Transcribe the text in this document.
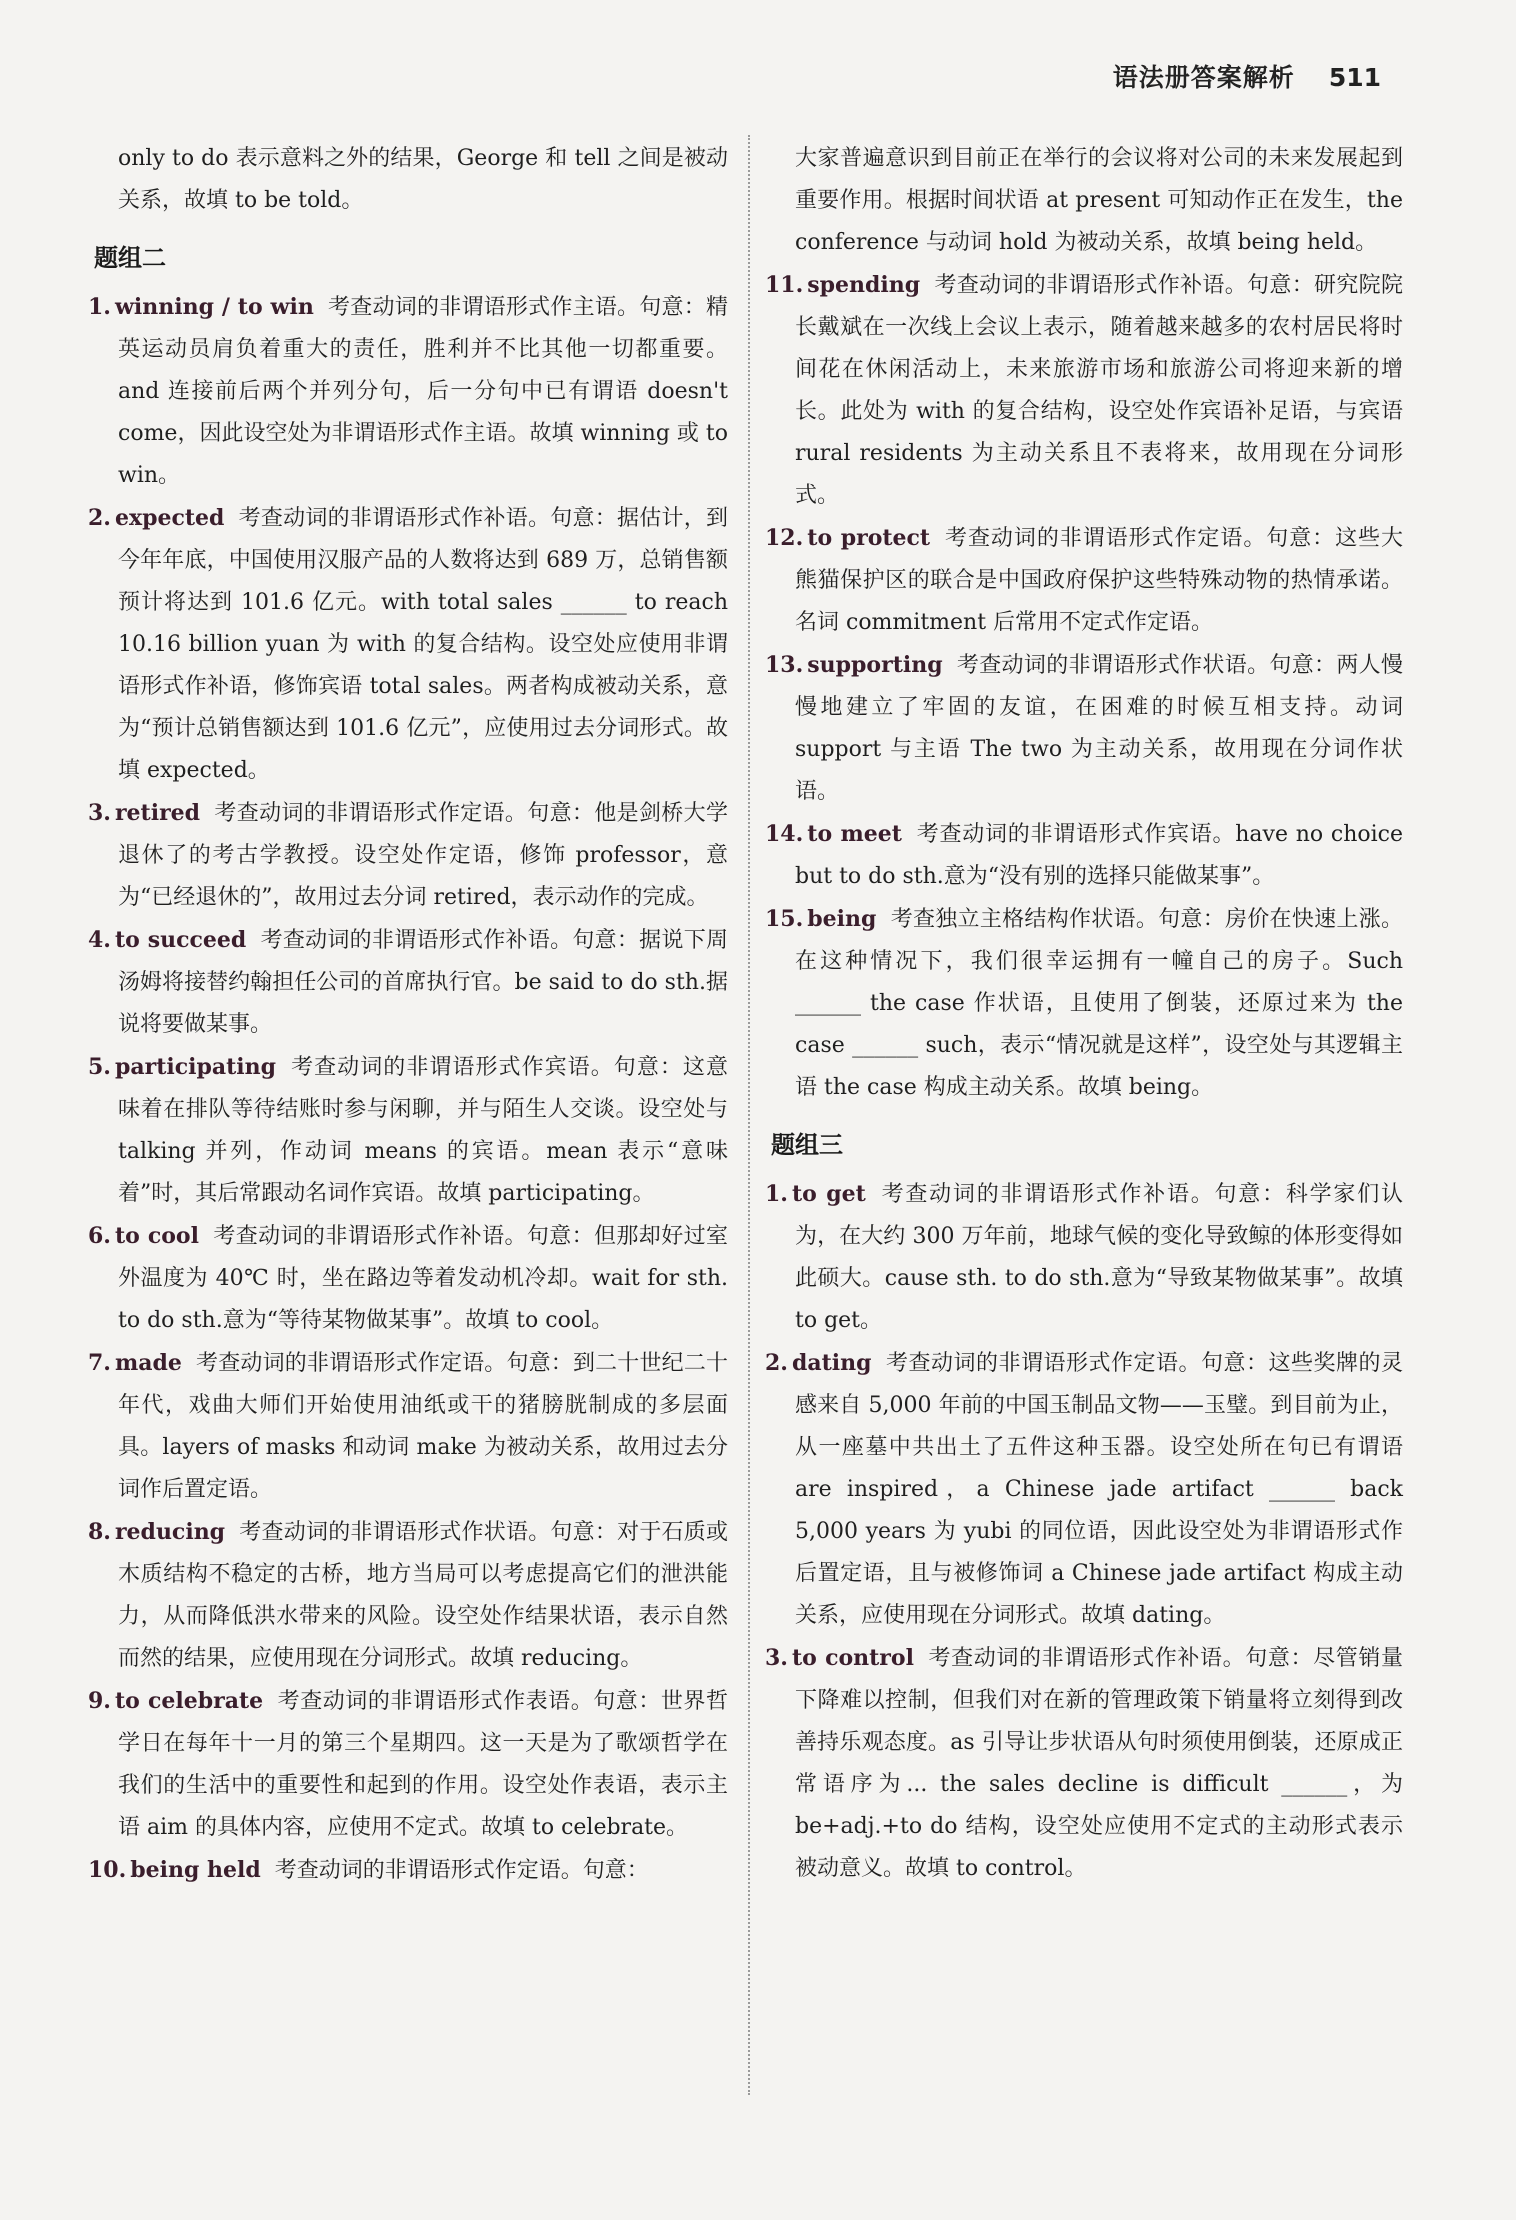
语法册答案解析 511

only to do 表示意料之外的结果，George 和 tell 之间是被动关系，故填 to be told。

题组二
1. winning / to win 考查动词的非谓语形式作主语。句意：精英运动员肩负着重大的责任，胜利并不比其他一切都重要。and 连接前后两个并列分句，后一分句中已有谓语 doesn't come，因此设空处为非谓语形式作主语。故填 winning 或 to win。
2. expected 考查动词的非谓语形式作补语。句意：据估计，到今年年底，中国使用汉服产品的人数将达到 689 万，总销售额预计将达到 101.6 亿元。with total sales ______ to reach 10.16 billion yuan 为 with 的复合结构。设空处应使用非谓语形式作补语，修饰宾语 total sales。两者构成被动关系，意为“预计总销售额达到 101.6 亿元”，应使用过去分词形式。故填 expected。
3. retired 考查动词的非谓语形式作定语。句意：他是剑桥大学退休了的考古学教授。设空处作定语，修饰 professor，意为“已经退休的”，故用过去分词 retired，表示动作的完成。
4. to succeed 考查动词的非谓语形式作补语。句意：据说下周汤姆将接替约翰担任公司的首席执行官。be said to do sth.据说将要做某事。
5. participating 考查动词的非谓语形式作宾语。句意：这意味着在排队等待结账时参与闲聊，并与陌生人交谈。设空处与 talking 并列，作动词 means 的宾语。mean 表示“意味着”时，其后常跟动名词作宾语。故填 participating。
6. to cool 考查动词的非谓语形式作补语。句意：但那却好过室外温度为 40℃ 时，坐在路边等着发动机冷却。wait for sth. to do sth.意为“等待某物做某事”。故填 to cool。
7. made 考查动词的非谓语形式作定语。句意：到二十世纪二十年代，戏曲大师们开始使用油纸或干的猪膀胱制成的多层面具。layers of masks 和动词 make 为被动关系，故用过去分词作后置定语。
8. reducing 考查动词的非谓语形式作状语。句意：对于石质或木质结构不稳定的古桥，地方当局可以考虑提高它们的泄洪能力，从而降低洪水带来的风险。设空处作结果状语，表示自然而然的结果，应使用现在分词形式。故填 reducing。
9. to celebrate 考查动词的非谓语形式作表语。句意：世界哲学日在每年十一月的第三个星期四。这一天是为了歌颂哲学在我们的生活中的重要性和起到的作用。设空处作表语，表示主语 aim 的具体内容，应使用不定式。故填 to celebrate。
10. being held 考查动词的非谓语形式作定语。句意：

大家普遍意识到目前正在举行的会议将对公司的未来发展起到重要作用。根据时间状语 at present 可知动作正在发生，the conference 与动词 hold 为被动关系，故填 being held。

11. spending 考查动词的非谓语形式作补语。句意：研究院院长戴斌在一次线上会议上表示，随着越来越多的农村居民将时间花在休闲活动上，未来旅游市场和旅游公司将迎来新的增长。此处为 with 的复合结构，设空处作宾语补足语，与宾语 rural residents 为主动关系且不表将来，故用现在分词形式。
12. to protect 考查动词的非谓语形式作定语。句意：这些大熊猫保护区的联合是中国政府保护这些特殊动物的热情承诺。名词 commitment 后常用不定式作定语。
13. supporting 考查动词的非谓语形式作状语。句意：两人慢慢地建立了牢固的友谊，在困难的时候互相支持。动词 support 与主语 The two 为主动关系，故用现在分词作状语。
14. to meet 考查动词的非谓语形式作宾语。have no choice but to do sth.意为“没有别的选择只能做某事”。
15. being 考查独立主格结构作状语。句意：房价在快速上涨。在这种情况下，我们很幸运拥有一幢自己的房子。Such ______ the case 作状语，且使用了倒装，还原过来为 the case ______ such，表示“情况就是这样”，设空处与其逻辑主语 the case 构成主动关系。故填 being。
题组三
1. to get 考查动词的非谓语形式作补语。句意：科学家们认为，在大约 300 万年前，地球气候的变化导致鲸的体形变得如此硕大。cause sth. to do sth.意为“导致某物做某事”。故填 to get。
2. dating 考查动词的非谓语形式作定语。句意：这些奖牌的灵感来自 5,000 年前的中国玉制品文物——玉璧。到目前为止，从一座墓中共出土了五件这种玉器。设空处所在句已有谓语 are inspired，a Chinese jade artifact ______ back 5,000 years 为 yubi 的同位语，因此设空处为非谓语形式作后置定语，且与被修饰词 a Chinese jade artifact 构成主动关系，应使用现在分词形式。故填 dating。
3. to control 考查动词的非谓语形式作补语。句意：尽管销量下降难以控制，但我们对在新的管理政策下销量将立刻得到改善持乐观态度。as 引导让步状语从句时须使用倒装，还原成正常语序为... the sales decline is difficult ______，为 be+adj.+to do 结构，设空处应使用不定式的主动形式表示被动意义。故填 to control。
